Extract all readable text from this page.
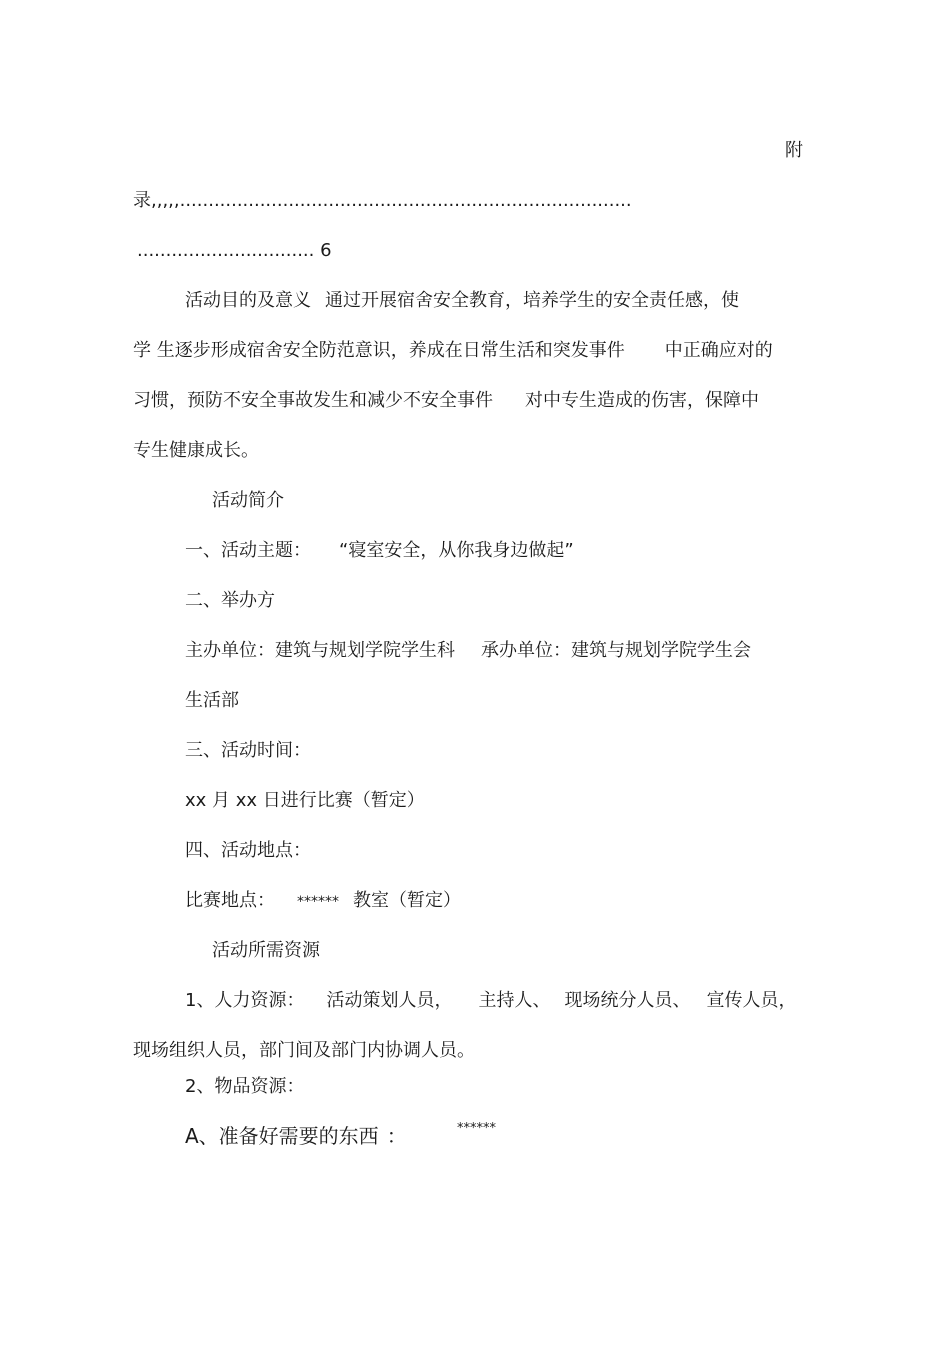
附
录,,,,,...............................................................................
............................... 6
活动目的及意义 通过开展宿舍安全教育，培养学生的安全责任感，使
学 生逐步形成宿舍安全防范意识，养成在日常生活和突发事件 中正确应对的
习惯，预防不安全事故发生和减少不安全事件 对中专生造成的伤害，保障中
专生健康成长。
活动简介
一、活动主题： “寝室安全，从你我身边做起”
二、举办方
主办单位：建筑与规划学院学生科 承办单位：建筑与规划学院学生会
生活部
三、活动时间：
xx 月 xx 日进行比赛（暂定）
四、活动地点：
比赛地点： ****** 教室（暂定）
活动所需资源
1、人力资源： 活动策划人员， 主持人、 现场统分人员、 宣传人员，
现场组织人员，部门间及部门内协调人员。
2、物品资源：
A、准备好需要的东西 ：	******
